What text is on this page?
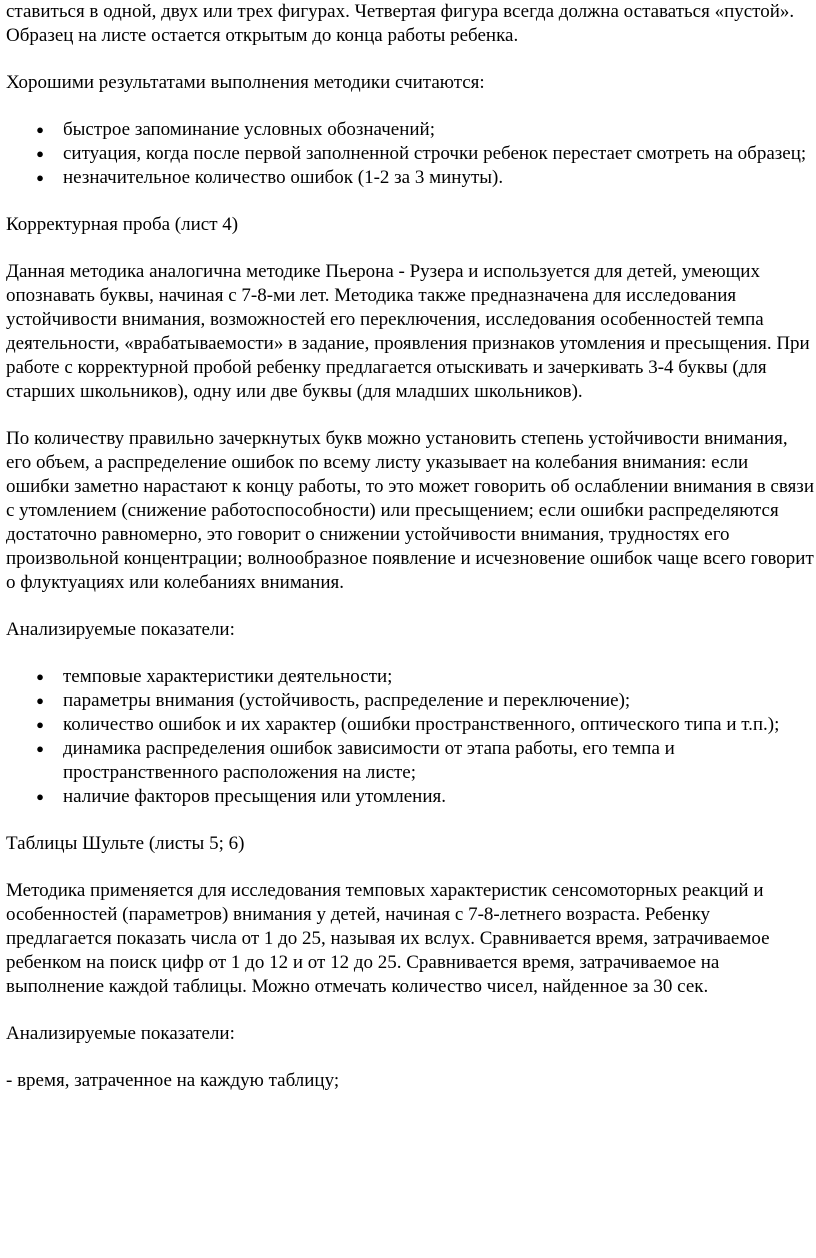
ставиться в одной, двух или трех фигурах. Четвертая фигура всегда должна оставаться «пустой». Образец на листе остается открытым до конца работы ребенка.

Хорошими результатами выполнения методики считаются:

●	быстрое запоминание условных обозначений;
●	ситуация, когда после первой заполненной строчки ребенок перестает смотреть на образец;
●	незначительное количество ошибок (1-2 за 3 минуты).

Корректурная проба (лист 4)

Данная методика аналогична методике Пьерона - Рузера и используется для детей, умеющих опознавать буквы, начиная с 7-8-ми лет. Методика также предназначена для исследования устойчивости внимания, возможностей его переключения, исследования особенностей темпа деятельности, «врабатываемости» в задание, проявления признаков утомления и пресыщения. При работе с корректурной пробой ребенку предлагается отыскивать и зачеркивать 3-4 буквы (для старших школьников), одну или две буквы (для младших школьников).

По количеству правильно зачеркнутых букв можно установить степень устойчивости внимания, его объем, а распределение ошибок по всему листу указывает на колебания внимания: если ошибки заметно нарастают к концу работы, то это может говорить об ослаблении внимания в связи с утомлением (снижение работоспособности) или пресыщением; если ошибки распределяются достаточно равномерно, это говорит о снижении устойчивости внимания, трудностях его произвольной концентрации; волнообразное появление и исчезновение ошибок чаще всего говорит о флуктуациях или колебаниях внимания.

Анализируемые показатели:

●	темповые характеристики деятельности;
●	параметры внимания (устойчивость, распределение и переключение);
●	количество ошибок и их характер (ошибки пространственного, оптического типа и т.п.);
●	динамика распределения ошибок зависимости от этапа работы, его темпа и пространственного расположения на листе;
●	наличие факторов пресыщения или утомления.

Таблицы Шульте (листы 5; 6)

Методика применяется для исследования темповых характеристик сенсомоторных реакций и особенностей (параметров) внимания у детей, начиная с 7-8-летнего возраста. Ребенку предлагается показать числа от 1 до 25, называя их вслух. Сравнивается время, затрачиваемое ребенком на поиск цифр от 1 до 12 и от 12 до 25. Сравнивается время, затрачиваемое на выполнение каждой таблицы. Можно отмечать количество чисел, найденное за 30 сек.

Анализируемые показатели:

- время, затраченное на каждую таблицу;
